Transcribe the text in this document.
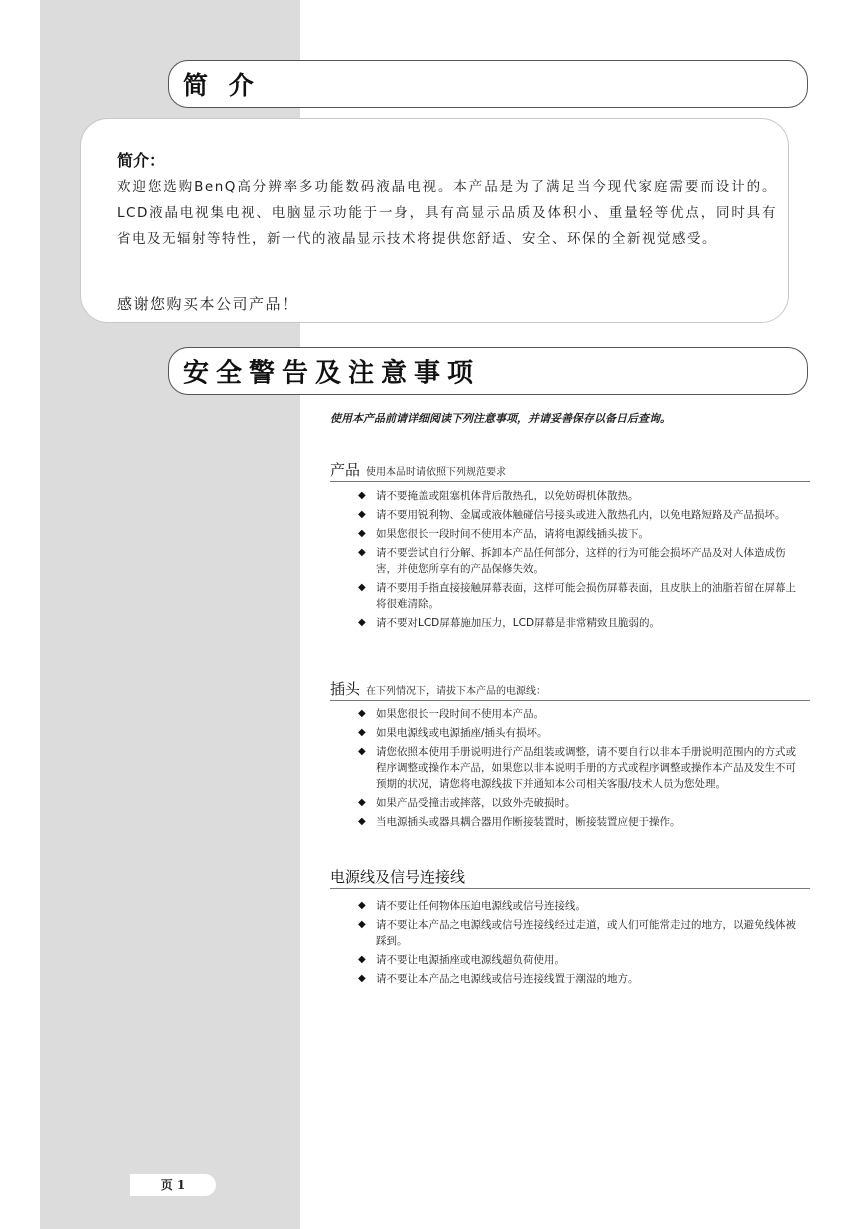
简 介
简介：
欢迎您选购BenQ高分辨率多功能数码液晶电视。本产品是为了满足当今现代家庭需要而设计的。LCD液晶电视集电视、电脑显示功能于一身，具有高显示品质及体积小、重量轻等优点，同时具有省电及无辐射等特性，新一代的液晶显示技术将提供您舒适、安全、环保的全新视觉感受。
感谢您购买本公司产品！
安全警告及注意事项
使用本产品前请详细阅读下列注意事项，并请妥善保存以备日后查询。
产品 使用本品时请依照下列规范要求
◆ 请不要掩盖或阻塞机体背后散热孔，以免妨碍机体散热。
◆ 请不要用锐利物、金属或液体触碰信号接头或进入散热孔内，以免电路短路及产品损坏。
◆ 如果您很长一段时间不使用本产品，请将电源线插头拔下。
◆ 请不要尝试自行分解、拆卸本产品任何部分，这样的行为可能会损坏产品及对人体造成伤害，并使您所享有的产品保修失效。
◆ 请不要用手指直接接触屏幕表面，这样可能会损伤屏幕表面，且皮肤上的油脂若留在屏幕上将很难清除。
◆ 请不要对LCD屏幕施加压力，LCD屏幕是非常精致且脆弱的。
插头 在下列情况下，请拔下本产品的电源线：
◆ 如果您很长一段时间不使用本产品。
◆ 如果电源线或电源插座/插头有损坏。
◆ 请您依照本使用手册说明进行产品组装或调整，请不要自行以非本手册说明范围内的方式或程序调整或操作本产品，如果您以非本说明手册的方式或程序调整或操作本产品及发生不可预期的状况，请您将电源线拔下并通知本公司相关客服/技术人员为您处理。
◆ 如果产品受撞击或摔落，以致外壳破损时。
◆ 当电源插头或器具耦合器用作断接装置时，断接装置应便于操作。
电源线及信号连接线
◆ 请不要让任何物体压迫电源线或信号连接线。
◆ 请不要让本产品之电源线或信号连接线经过走道，或人们可能常走过的地方，以避免线体被踩到。
◆ 请不要让电源插座或电源线超负荷使用。
◆ 请不要让本产品之电源线或信号连接线置于潮湿的地方。
页 1
